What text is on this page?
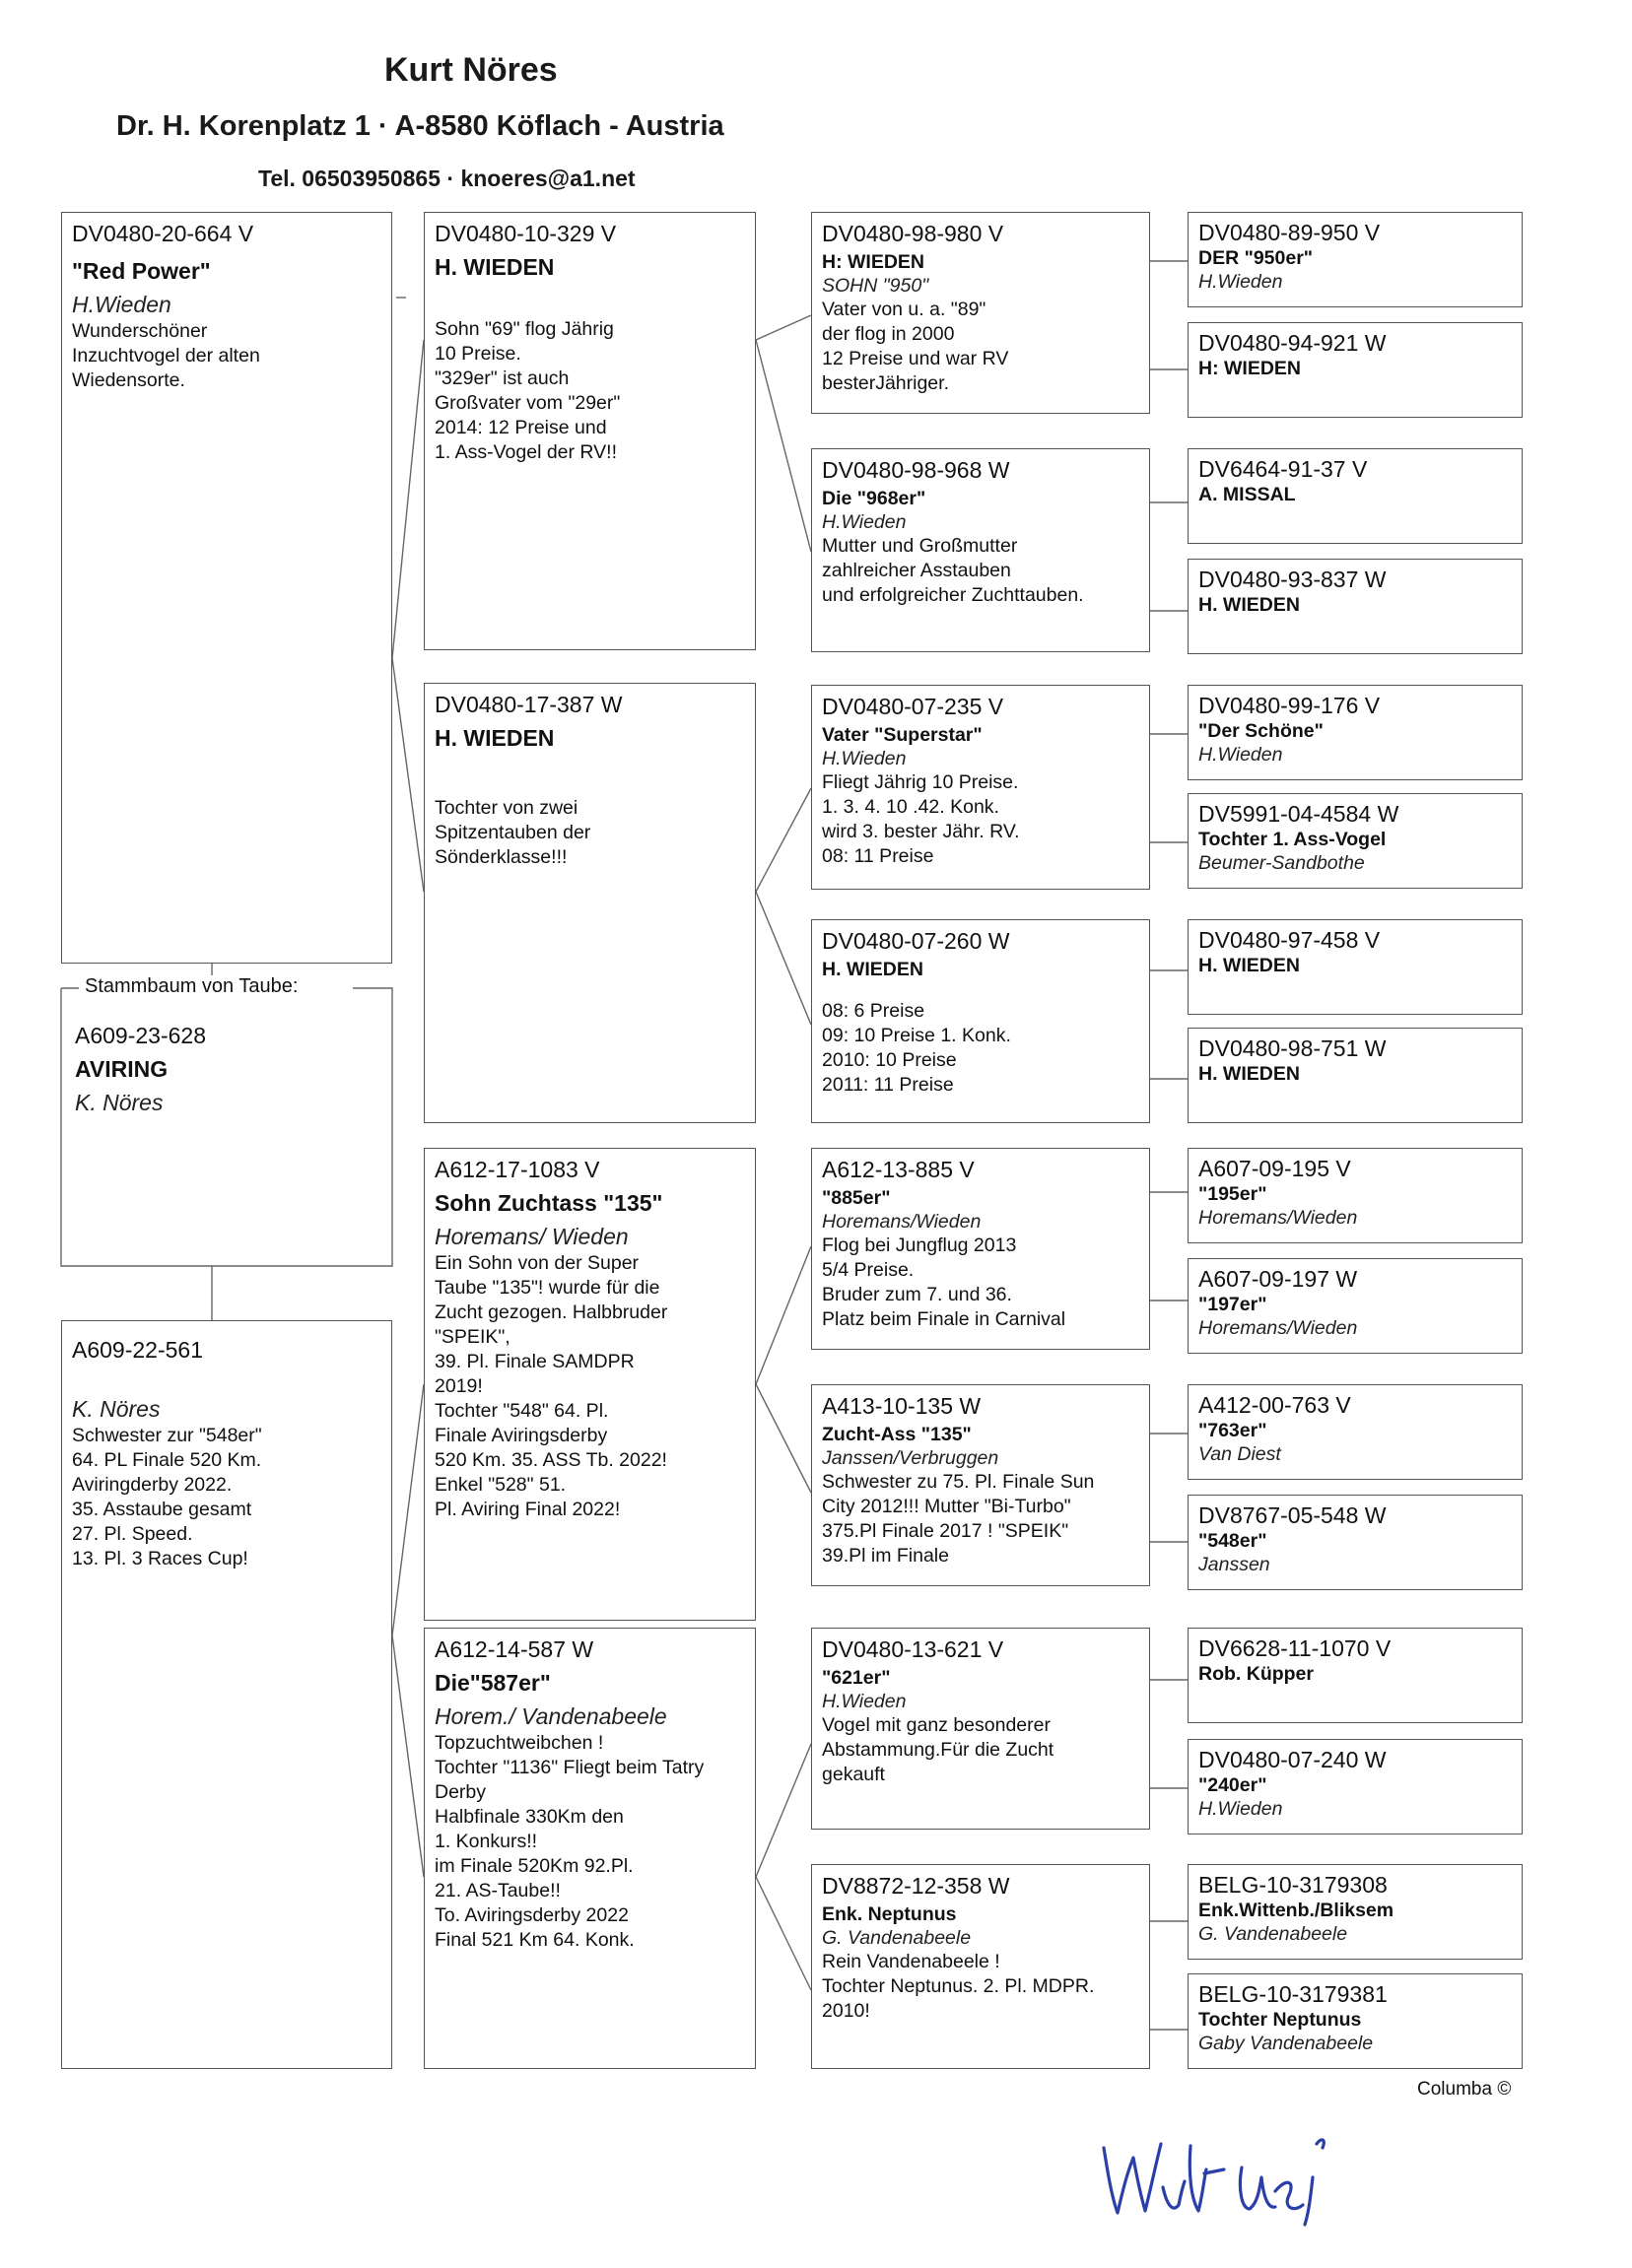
Kurt Nöres
Dr. H. Korenplatz 1 · A-8580 Köflach - Austria
Tel. 06503950865 · knoeres@a1.net
DV0480-20-664 V
"Red Power"
H.Wieden
Wunderschöner
Inzuchtvogel der alten
Wiedensorte.
Stammbaum von Taube:
A609-23-628
AVIRING
K. Nöres
A609-22-561
K. Nöres
Schwester zur "548er"
64. PL Finale 520 Km.
Aviringderby 2022.
35. Asstaube gesamt
27. Pl. Speed.
13. Pl. 3 Races Cup!
DV0480-10-329 V
H. WIEDEN
Sohn "69" flog Jährig
10 Preise.
"329er" ist auch
Großvater vom "29er"
2014: 12 Preise und
1. Ass-Vogel der RV!!
DV0480-17-387 W
H. WIEDEN
Tochter von zwei
Spitzentauben der
Sönderklasse!!!
A612-17-1083 V
Sohn Zuchtass "135"
Horemans/ Wieden
Ein Sohn von der Super
Taube "135"! wurde für die
Zucht gezogen. Halbbruder
"SPEIK",
39. Pl. Finale SAMDPR
2019!
Tochter "548" 64. Pl.
Finale Aviringsderby
520 Km. 35. ASS Tb. 2022!
Enkel "528" 51.
Pl. Aviring Final 2022!
A612-14-587 W
Die"587er"
Horem./ Vandenabeele
Topzuchtweibchen !
Tochter "1136" Fliegt beim Tatry
Derby
Halbfinale 330Km den
1. Konkurs!!
im Finale 520Km 92.Pl.
21. AS-Taube!!
To. Aviringsderby 2022
Final 521 Km 64. Konk.
DV0480-98-980 V
H: WIEDEN
SOHN "950"
Vater von u. a. "89"
der flog in 2000
12 Preise und war RV
besterJähriger.
DV0480-98-968 W
Die "968er"
H.Wieden
Mutter und Großmutter
zahlreicher Asstauben
und erfolgreicher Zuchttauben.
DV0480-07-235 V
Vater "Superstar"
H.Wieden
Fliegt Jährig 10 Preise.
1. 3. 4. 10 .42. Konk.
wird 3. bester Jähr. RV.
08: 11 Preise
DV0480-07-260 W
H. WIEDEN
08: 6 Preise
09: 10 Preise 1. Konk.
2010: 10 Preise
2011: 11 Preise
A612-13-885 V
"885er"
Horemans/Wieden
Flog bei Jungflug 2013
5/4 Preise.
Bruder zum 7. und 36.
Platz beim Finale in Carnival
A413-10-135 W
Zucht-Ass "135"
Janssen/Verbruggen
Schwester zu 75. Pl. Finale Sun
City 2012!!! Mutter "Bi-Turbo"
375.Pl Finale 2017 ! "SPEIK"
39.Pl im Finale
DV0480-13-621 V
"621er"
H.Wieden
Vogel mit ganz besonderer
Abstammung.Für die Zucht
gekauft
DV8872-12-358 W
Enk. Neptunus
G. Vandenabeele
Rein Vandenabeele !
Tochter Neptunus. 2. Pl. MDPR.
2010!
DV0480-89-950 V
DER "950er"
H.Wieden
DV0480-94-921 W
H: WIEDEN
DV6464-91-37 V
A. MISSAL
DV0480-93-837 W
H. WIEDEN
DV0480-99-176 V
"Der Schöne"
H.Wieden
DV5991-04-4584 W
Tochter 1. Ass-Vogel
Beumer-Sandbothe
DV0480-97-458 V
H. WIEDEN
DV0480-98-751 W
H. WIEDEN
A607-09-195 V
"195er"
Horemans/Wieden
A607-09-197 W
"197er"
Horemans/Wieden
A412-00-763 V
"763er"
Van Diest
DV8767-05-548 W
"548er"
Janssen
DV6628-11-1070 V
Rob. Küpper
DV0480-07-240 W
"240er"
H.Wieden
BELG-10-3179308
Enk.Wittenb./Bliksem
G. Vandenabeele
BELG-10-3179381
Tochter Neptunus
Gaby Vandenabeele
Columba ©
